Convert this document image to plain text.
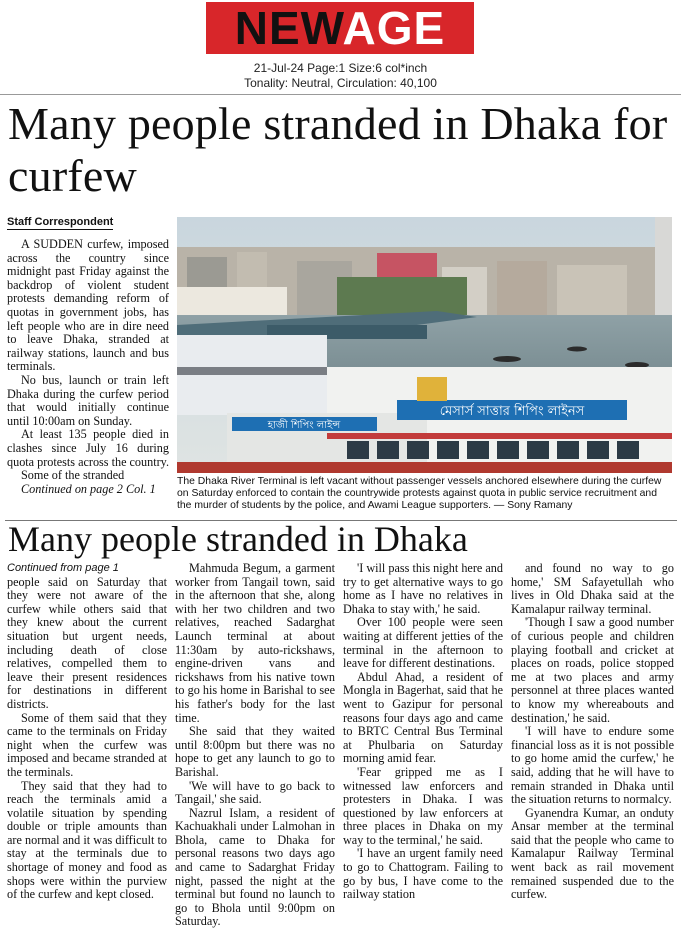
NEWAGE
21-Jul-24 Page:1 Size:6 col*inch
Tonality: Neutral, Circulation: 40,100
Many people stranded in Dhaka for curfew
Staff Correspondent

A SUDDEN curfew, imposed across the country since midnight past Friday against the backdrop of violent student protests demanding reform of quotas in government jobs, has left people who are in dire need to leave Dhaka, stranded at railway stations, launch and bus terminals.

No bus, launch or train left Dhaka during the curfew period that would initially continue until 10:00am on Sunday.

At least 135 people died in clashes since July 16 during quota protests across the country.

Some of the stranded

Continued on page 2 Col. 1
মেসার্স সাত্তার শিপিং লাইনস
হাজী শিপিং লাইন্স
The Dhaka River Terminal is left vacant without passenger vessels anchored elsewhere during the curfew on Saturday enforced to contain the countrywide protests against quota in public service recruitment and the murder of students by the police, and Awami League supporters. — Sony Ramany
Many people stranded in Dhaka
Continued from page 1

people said on Saturday that they were not aware of the curfew while others said that they knew about the current situation but urgent needs, including death of close relatives, compelled them to leave their present residences for destinations in different districts.

Some of them said that they came to the terminals on Friday night when the curfew was imposed and became stranded at the terminals.

They said that they had to reach the terminals amid a volatile situation by spending double or triple amounts than are normal and it was difficult to stay at the terminals due to shortage of money and food as shops were within the purview of the curfew and kept closed.

Mahmuda Begum, a garment worker from Tangail town, said in the afternoon that she, along with her two children and two relatives, reached Sadarghat Launch terminal at about 11:30am by auto-rickshaws, engine-driven vans and rickshaws from his native town to go his home in Barishal to see his father's body for the last time.

She said that they waited until 8:00pm but there was no hope to get any launch to go to Barishal.

'We will have to go back to Tangail,' she said.

Nazrul Islam, a resident of Kachuakhali under Lalmohan in Bhola, came to Dhaka for personal reasons two days ago and came to Sadarghat Friday night, passed the night at the terminal but found no launch to go to Bhola until 9:00pm on Saturday.

'I will pass this night here and try to get alternative ways to go home as I have no relatives in Dhaka to stay with,' he said.

Over 100 people were seen waiting at different jetties of the terminal in the afternoon to leave for different destinations.

Abdul Ahad, a resident of Mongla in Bagerhat, said that he went to Gazipur for personal reasons four days ago and came to BRTC Central Bus Terminal at Phulbaria on Saturday morning amid fear.

'Fear gripped me as I witnessed law enforcers and protesters in Dhaka. I was questioned by law enforcers at three places in Dhaka on my way to the terminal,' he said.

'I have an urgent family need to go to Chattogram. Failing to go by bus, I have come to the railway station

and found no way to go home,' SM Safayetullah who lives in Old Dhaka said at the Kamalapur railway terminal.

'Though I saw a good number of curious people and children playing football and cricket at places on roads, police stopped me at two places and army personnel at three places wanted to know my whereabouts and destination,' he said.

'I will have to endure some financial loss as it is not possible to go home amid the curfew,' he said, adding that he will have to remain stranded in Dhaka until the situation returns to normalcy.

Gyanendra Kumar, an onduty Ansar member at the terminal said that the people who came to Kamalapur Railway Terminal went back as rail movement remained suspended due to the curfew.
